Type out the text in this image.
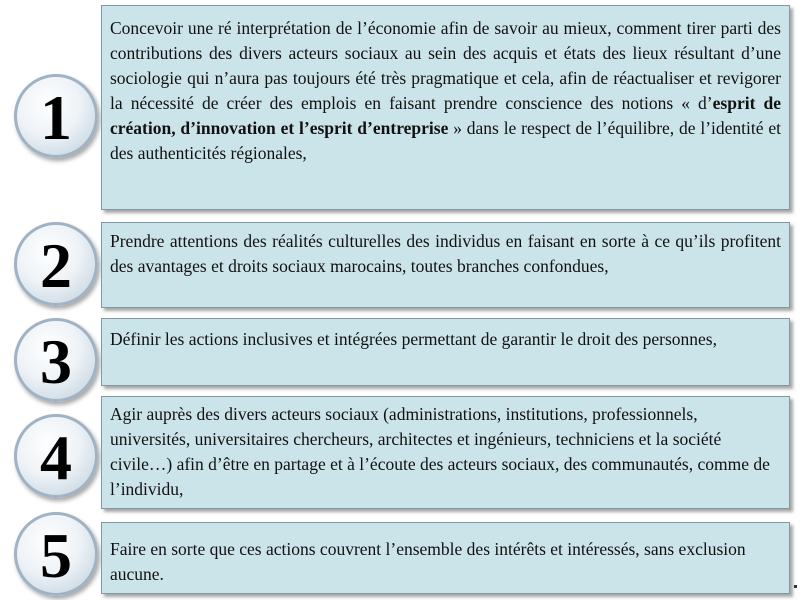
1
Concevoir une ré interprétation de l’économie afin de savoir au mieux, comment tirer parti des contributions des divers acteurs sociaux au sein des acquis et états des lieux résultant d’une sociologie qui n’aura pas toujours été très pragmatique et cela, afin de réactualiser et revigorer la nécessité de créer des emplois en faisant prendre conscience des notions « d’esprit de création, d’innovation et l’esprit d’entreprise » dans le respect de l’équilibre, de l’identité et des authenticités régionales,
2	Prendre attentions des réalités culturelles des individus en faisant en sorte à ce qu’ils profitent des avantages et droits sociaux marocains, toutes branches confondues,
3	Définir les actions inclusives et intégrées permettant de garantir le droit des personnes,
4
Agir auprès des divers acteurs sociaux (administrations, institutions, professionnels, universités, universitaires chercheurs, architectes et ingénieurs, techniciens et la société civile…) afin d’être en partage et à l’écoute des acteurs sociaux, des communautés, comme de l’individu,
5	Faire en sorte que ces actions couvrent l’ensemble des intérêts et intéressés, sans exclusion aucune.
